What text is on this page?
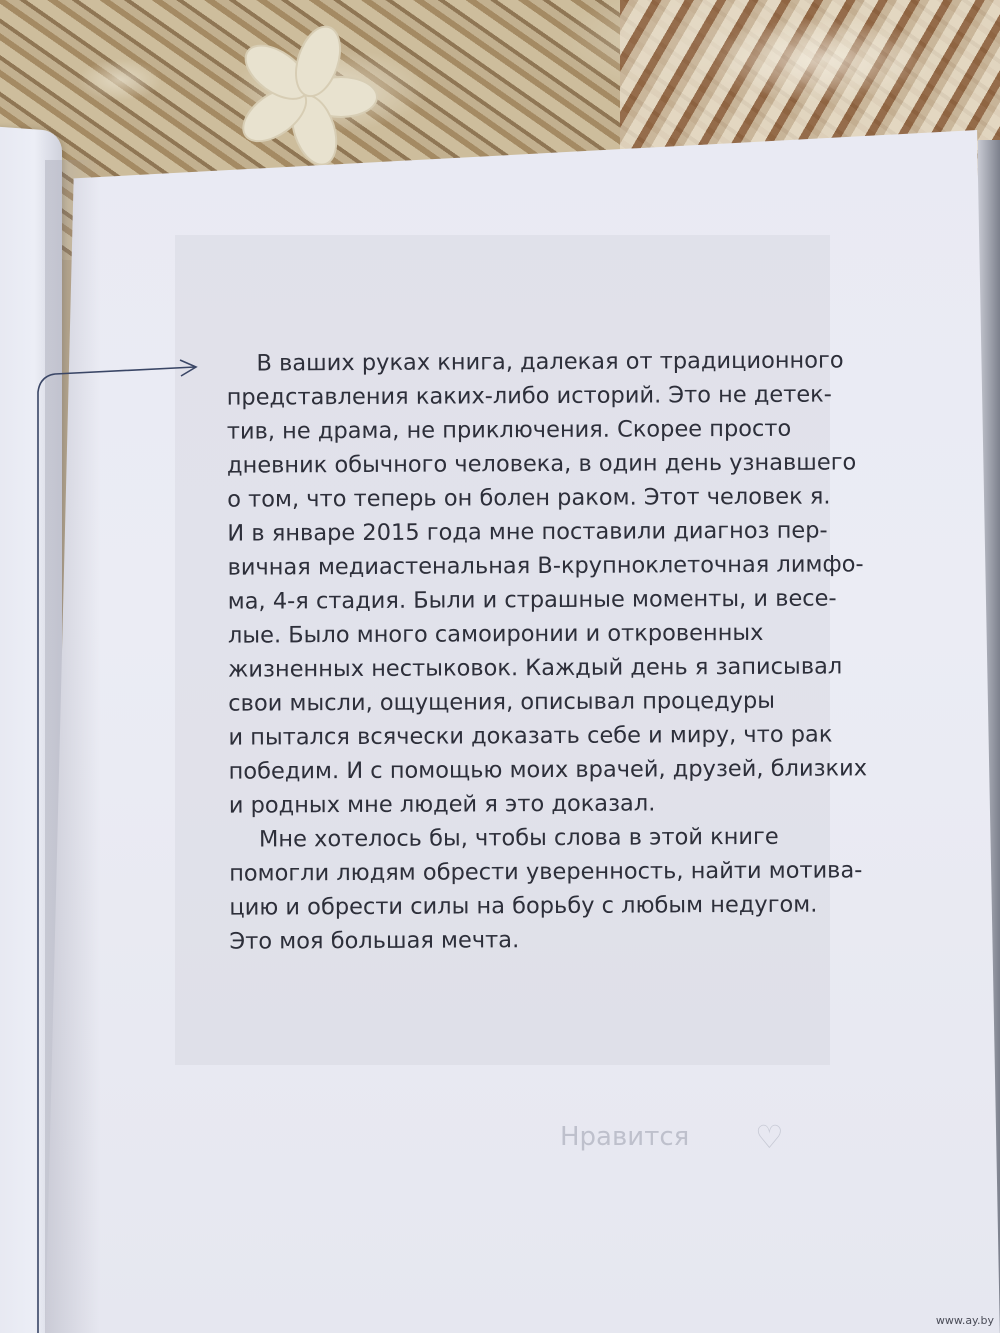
Нравится ♡

В ваших руках книга, далекая от традиционного
представления каких-либо историй. Это не детек-
тив, не драма, не приключения. Скорее просто
дневник обычного человека, в один день узнавшего
о том, что теперь он болен раком. Этот человек я.
И в январе 2015 года мне поставили диагноз пер-
вичная медиастенальная В-крупноклеточная лимфо-
ма, 4-я стадия. Были и страшные моменты, и весе-
лые. Было много самоиронии и откровенных
жизненных нестыковок. Каждый день я записывал
свои мысли, ощущения, описывал процедуры
и пытался всячески доказать себе и миру, что рак
победим. И с помощью моих врачей, друзей, близких
и родных мне людей я это доказал.

Мне хотелось бы, чтобы слова в этой книге
помогли людям обрести уверенность, найти мотива-
цию и обрести силы на борьбу с любым недугом.
Это моя большая мечта.

www.ay.by
